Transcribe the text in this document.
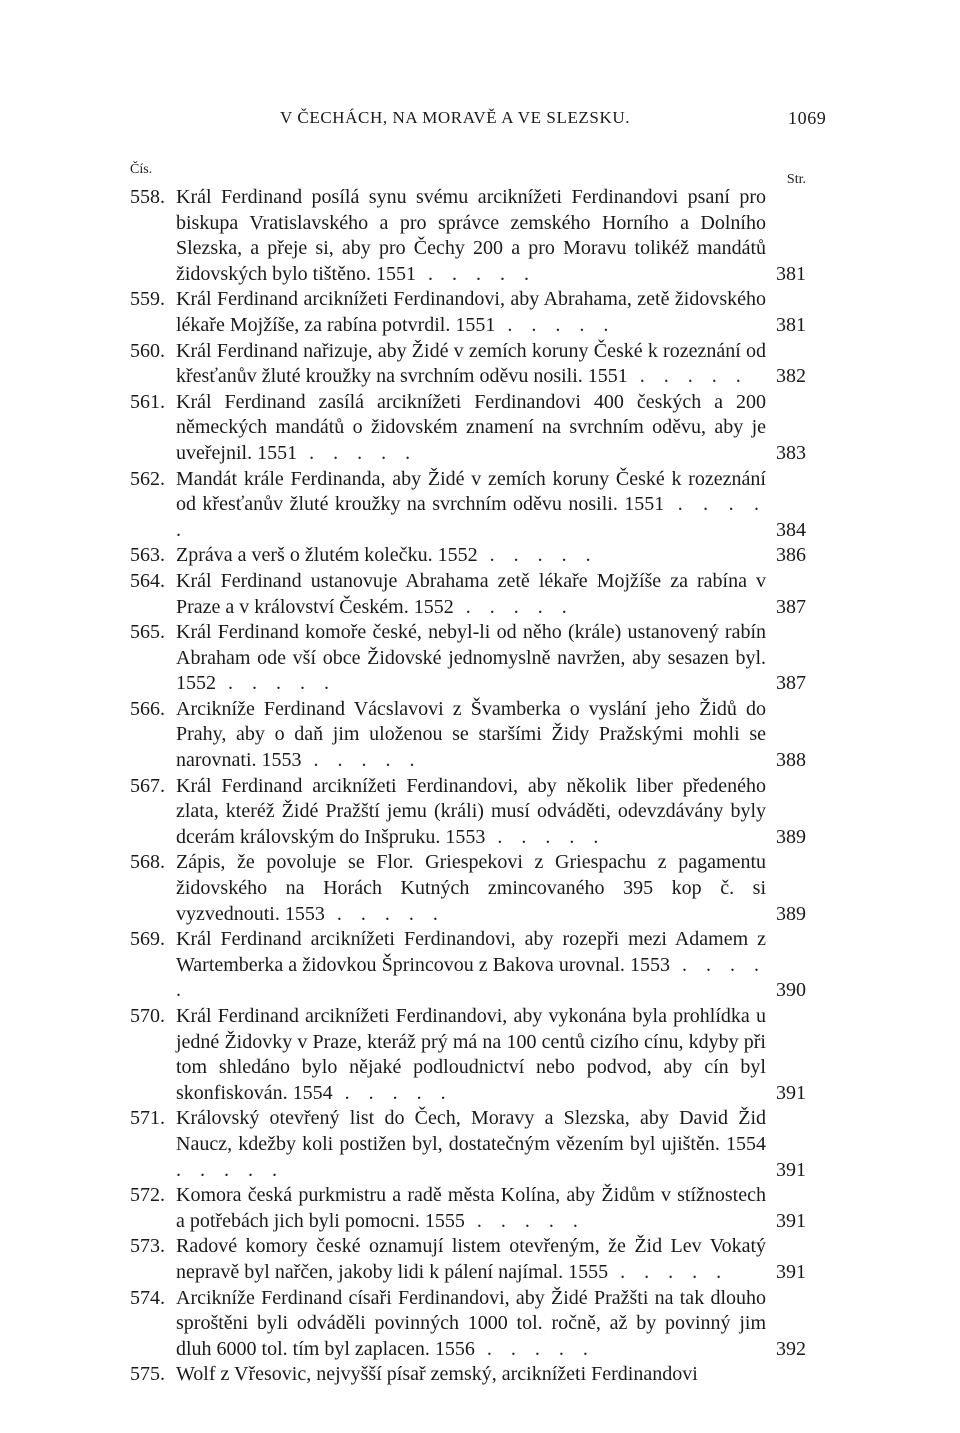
V ČECHÁCH, NA MORAVĚ A VE SLEZSKU.	1069
Čís.
Str.
558. Král Ferdinand posílá synu svému arciknížeti Ferdinandovi psaní pro biskupa Vratislavského a pro správce zemského Horního a Dolního Slezska, a přeje si, aby pro Čechy 200 a pro Moravu tolikéž mandátů židovských bylo tištěno. 1551 . . . . .	381
559. Král Ferdinand arciknížeti Ferdinandovi, aby Abrahama, zetě židovského lékaře Mojžíše, za rabína potvrdil. 1551 . . . . .	381
560. Král Ferdinand nařizuje, aby Židé v zemích koruny České k rozeznání od křesťanův žluté kroužky na svrchním oděvu nosili. 1551 . . . . .	382
561. Král Ferdinand zasílá arciknížeti Ferdinandovi 400 českých a 200 německých mandátů o židovském znamení na svrchním oděvu, aby je uveřejnil. 1551 . . . . .	383
562. Mandát krále Ferdinanda, aby Židé v zemích koruny České k rozeznání od křesťanův žluté kroužky na svrchním oděvu nosili. 1551 . . . . .	384
563. Zpráva a verš o žlutém kolečku. 1552 . . . . .	386
564. Král Ferdinand ustanovuje Abrahama zetě lékaře Mojžíše za rabína v Praze a v království Českém. 1552 . . . . .	387
565. Král Ferdinand komoře české, nebyl-li od něho (krále) ustanovený rabín Abraham ode vší obce Židovské jednomyslně navržen, aby sesazen byl. 1552 . . . . .	387
566. Arcikníže Ferdinand Vácslavovi z Švamberka o vyslání jeho Židů do Prahy, aby o daň jim uloženou se staršími Židy Pražskými mohli se narovnati. 1553 . . . . .	388
567. Král Ferdinand arciknížeti Ferdinandovi, aby několik liber předeného zlata, kteréž Židé Pražští jemu (králi) musí odváděti, odevzdávány byly dcerám královským do Inšpruku. 1553 . . . . .	389
568. Zápis, že povoluje se Flor. Griespekovi z Griespachu z pagamentu židovského na Horách Kutných zmincovaného 395 kop č. si vyzvednouti. 1553 . . . . .	389
569. Král Ferdinand arciknížeti Ferdinandovi, aby rozepři mezi Adamem z Wartemberka a židovkou Šprincovou z Bakova urovnal. 1553 . . . . .	390
570. Král Ferdinand arciknížeti Ferdinandovi, aby vykonána byla prohlídka u jedné Židovky v Praze, kteráž prý má na 100 centů cizího cínu, kdyby při tom shledáno bylo nějaké podloudnictví nebo podvod, aby cín byl skonfiskován. 1554 . . . . .	391
571. Královský otevřený list do Čech, Moravy a Slezska, aby David Žid Naucz, kdežby koli postižen byl, dostatečným vězením byl ujištěn. 1554 . . . . .	391
572. Komora česká purkmistru a radě města Kolína, aby Židům v stížnostech a potřebách jich byli pomocni. 1555 . . . . .	391
573. Radové komory české oznamují listem otevřeným, že Žid Lev Vokatý nepravě byl nařčen, jakoby lidi k pálení najímal. 1555 . . . . .	391
574. Arcikníže Ferdinand císaři Ferdinandovi, aby Židé Pražšti na tak dlouho sproštěni byli odváděli povinných 1000 tol. ročně, až by povinný jim dluh 6000 tol. tím byl zaplacen. 1556 . . . . .	392
575. Wolf z Vřesovic, nejvyšší písař zemský, arciknížeti Ferdinandovi
